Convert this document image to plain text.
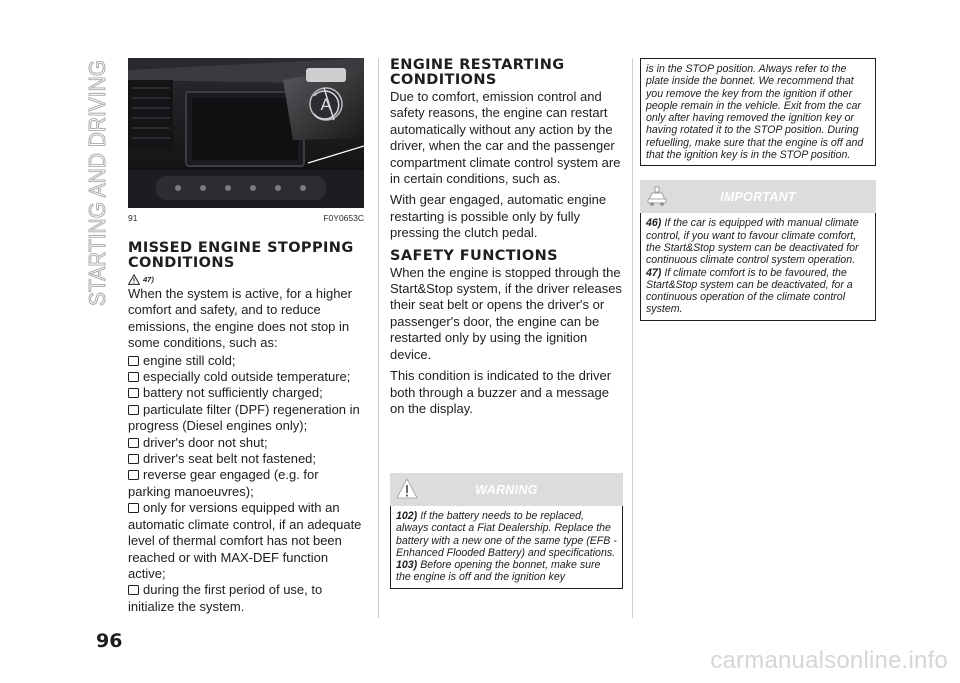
STARTING AND DRIVING	A
91	F0Y0653C
MISSED ENGINE STOPPING CONDITIONS
47)

When the system is active, for a higher comfort and safety, and to reduce emissions, the engine does not stop in some conditions, such as:

engine still cold;
especially cold outside temperature;
battery not sufficiently charged;
particulate filter (DPF) regeneration in progress (Diesel engines only);
driver's door not shut;
driver's seat belt not fastened;
reverse gear engaged (e.g. for parking manoeuvres);
only for versions equipped with an automatic climate control, if an adequate level of thermal comfort has not been reached or with MAX-DEF function active;
during the first period of use, to initialize the system.
ENGINE RESTARTING CONDITIONS

Due to comfort, emission control and safety reasons, the engine can restart automatically without any action by the driver, when the car and the passenger compartment climate control system are in certain conditions, such as.

With gear engaged, automatic engine restarting is possible only by fully pressing the clutch pedal.

SAFETY FUNCTIONS

When the engine is stopped through the Start&Stop system, if the driver releases their seat belt or opens the driver's or passenger's door, the engine can be restarted only by using the ignition device.

This condition is indicated to the driver both through a buzzer and a message on the display.

WARNING

102) If the battery needs to be replaced, always contact a Fiat Dealership. Replace the battery with a new one of the same type (EFB - Enhanced Flooded Battery) and specifications.

103) Before opening the bonnet, make sure the engine is off and the ignition key

is in the STOP position. Always refer to the plate inside the bonnet. We recommend that you remove the key from the ignition if other people remain in the vehicle. Exit from the car only after having removed the ignition key or having rotated it to the STOP position. During refuelling, make sure that the engine is off and that the ignition key is in the STOP position.

IMPORTANT

46) If the car is equipped with manual climate control, if you want to favour climate comfort, the Start&Stop system can be deactivated for continuous climate control system operation.

47) If climate comfort is to be favoured, the Start&Stop system can be deactivated, for a continuous operation of the climate control system.

96
carmanualsonline.info
